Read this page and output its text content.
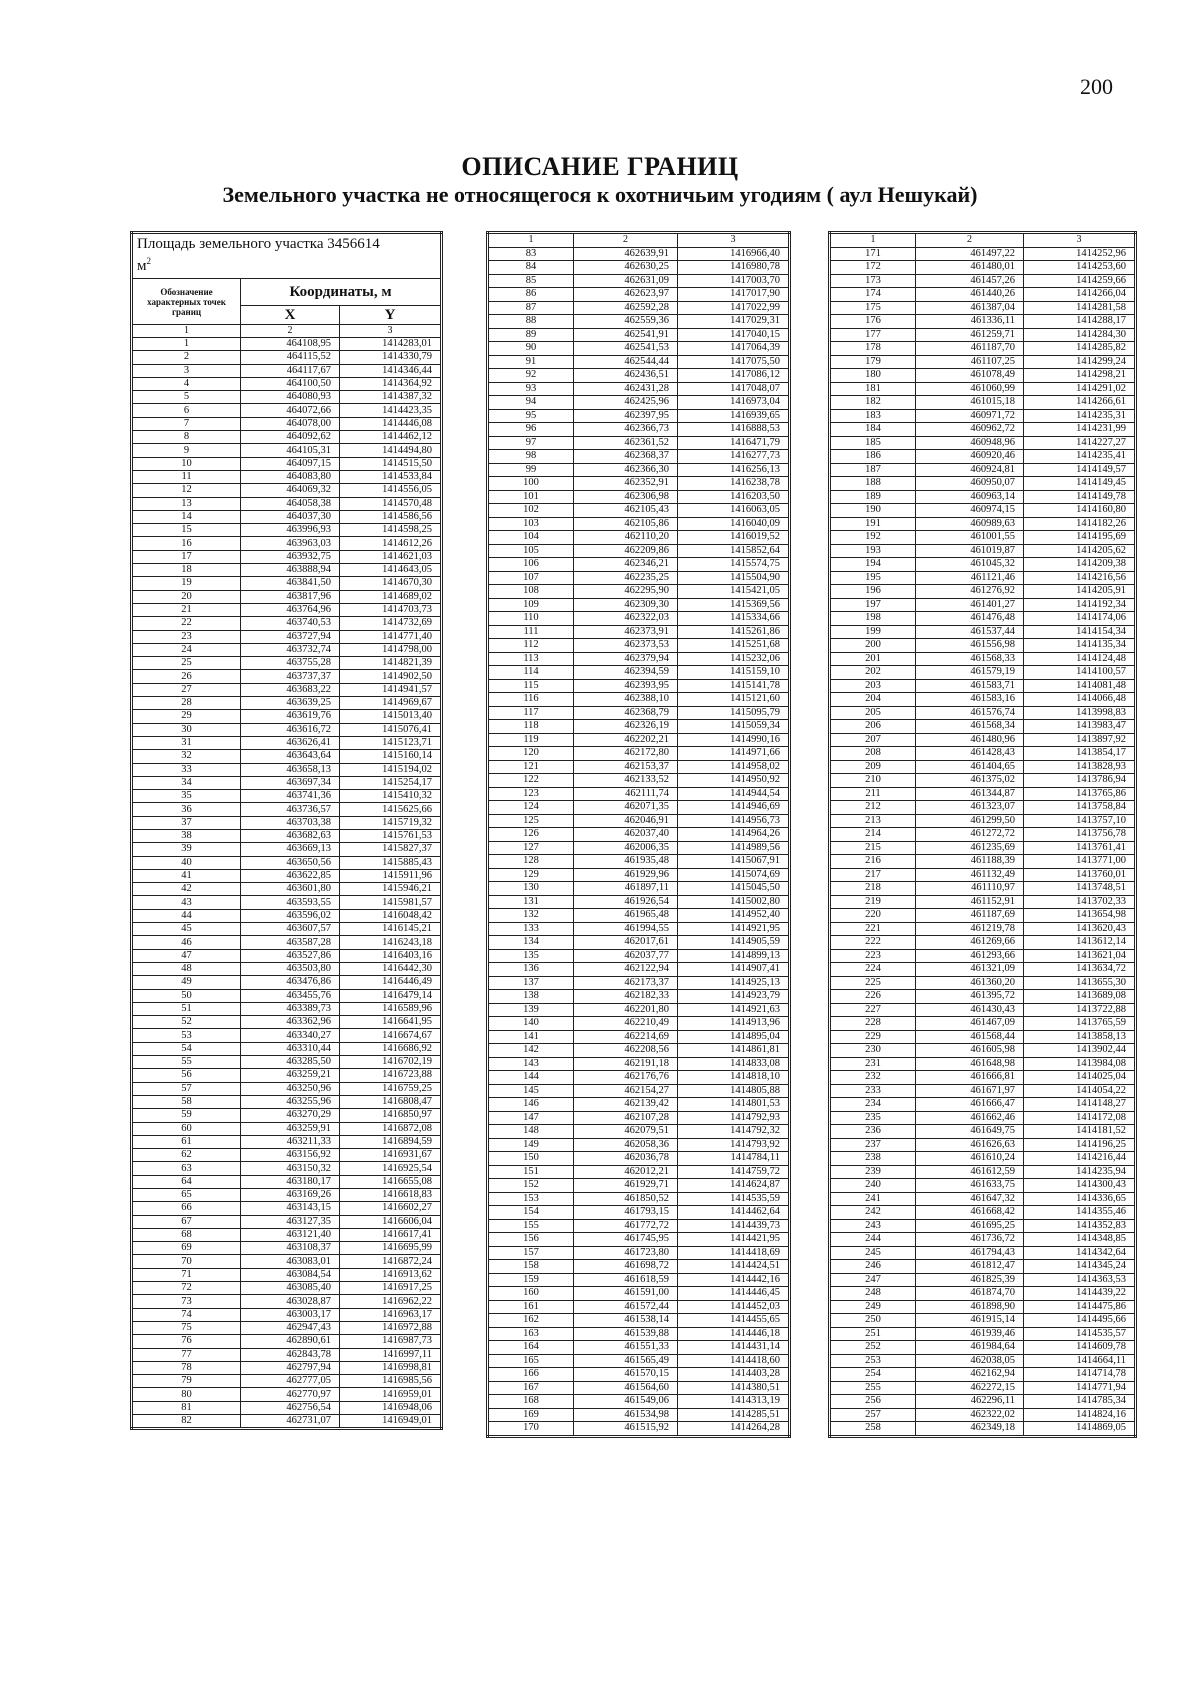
200
ОПИСАНИЕ ГРАНИЦ
Земельного участка не относящегося к охотничьим угодиям ( аул Нешукай)
Площадь земельного участка 3456614
$м^2$
Обозначение характерных точек границ	Координаты, м	
	X	Y
1	2	3
1	464108,95	1414283,01
2	464115,52	1414330,79
3	464117,67	1414346,44
4	464100,50	1414364,92
5	464080,93	1414387,32
6	464072,66	1414423,35
7	464078,00	1414446,08
8	464092,62	1414462,12
9	464105,31	1414494,80
10	464097,15	1414515,50
11	464083,80	1414533,84
12	464069,32	1414556,05
13	464058,38	1414570,48
14	464037,30	1414586,56
15	463996,93	1414598,25
16	463963,03	1414612,26
17	463932,75	1414621,03
18	463888,94	1414643,05
19	463841,50	1414670,30
20	463817,96	1414689,02
21	463764,96	1414703,73
22	463740,53	1414732,69
23	463727,94	1414771,40
24	463732,74	1414798,00
25	463755,28	1414821,39
26	463737,37	1414902,50
27	463683,22	1414941,57
28	463639,25	1414969,67
29	463619,76	1415013,40
30	463616,72	1415076,41
31	463626,41	1415123,71
32	463643,64	1415160,14
33	463658,13	1415194,02
34	463697,34	1415254,17
35	463741,36	1415410,32
36	463736,57	1415625,66
37	463703,38	1415719,32
38	463682,63	1415761,53
39	463669,13	1415827,37
40	463650,56	1415885,43
41	463622,85	1415911,96
42	463601,80	1415946,21
43	463593,55	1415981,57
44	463596,02	1416048,42
45	463607,57	1416145,21
46	463587,28	1416243,18
47	463527,86	1416403,16
48	463503,80	1416442,30
49	463476,86	1416446,49
50	463455,76	1416479,14
51	463389,73	1416589,96
52	463362,96	1416641,95
53	463340,27	1416674,67
54	463310,44	1416686,92
55	463285,50	1416702,19
56	463259,21	1416723,88
57	463250,96	1416759,25
58	463255,96	1416808,47
59	463270,29	1416850,97
60	463259,91	1416872,08
61	463211,33	1416894,59
62	463156,92	1416931,67
63	463150,32	1416925,54
64	463180,17	1416655,08
65	463169,26	1416618,83
66	463143,15	1416602,27
67	463127,35	1416606,04
68	463121,40	1416617,41
69	463108,37	1416695,99
70	463083,01	1416872,24
71	463084,54	1416913,62
72	463085,40	1416917,25
73	463028,87	1416962,22
74	463003,17	1416963,17
75	462947,43	1416972,88
76	462890,61	1416987,73
77	462843,78	1416997,11
78	462797,94	1416998,81
79	462777,05	1416985,56
80	462770,97	1416959,01
81	462756,54	1416948,06
82	462731,07	1416949,01
1	2	3
83	462639,91	1416966,40
84	462630,25	1416980,78
85	462631,09	1417003,70
86	462623,97	1417017,90
87	462592,28	1417022,99
88	462559,36	1417029,31
89	462541,91	1417040,15
90	462541,53	1417064,39
91	462544,44	1417075,50
92	462436,51	1417086,12
93	462431,28	1417048,07
94	462425,96	1416973,04
95	462397,95	1416939,65
96	462366,73	1416888,53
97	462361,52	1416471,79
98	462368,37	1416277,73
99	462366,30	1416256,13
100	462352,91	1416238,78
101	462306,98	1416203,50
102	462105,43	1416063,05
103	462105,86	1416040,09
104	462110,20	1416019,52
105	462209,86	1415852,64
106	462346,21	1415574,75
107	462235,25	1415504,90
108	462295,90	1415421,05
109	462309,30	1415369,56
110	462322,03	1415334,66
111	462373,91	1415261,86
112	462373,53	1415251,68
113	462379,94	1415232,06
114	462394,59	1415159,10
115	462393,95	1415141,78
116	462388,10	1415121,60
117	462368,79	1415095,79
118	462326,19	1415059,34
119	462202,21	1414990,16
120	462172,80	1414971,66
121	462153,37	1414958,02
122	462133,52	1414950,92
123	462111,74	1414944,54
124	462071,35	1414946,69
125	462046,91	1414956,73
126	462037,40	1414964,26
127	462006,35	1414989,56
128	461935,48	1415067,91
129	461929,96	1415074,69
130	461897,11	1415045,50
131	461926,54	1415002,80
132	461965,48	1414952,40
133	461994,55	1414921,95
134	462017,61	1414905,59
135	462037,77	1414899,13
136	462122,94	1414907,41
137	462173,37	1414925,13
138	462182,33	1414923,79
139	462201,80	1414921,63
140	462210,49	1414913,96
141	462214,69	1414895,04
142	462208,56	1414861,81
143	462191,18	1414833,08
144	462176,76	1414818,10
145	462154,27	1414805,88
146	462139,42	1414801,53
147	462107,28	1414792,93
148	462079,51	1414792,32
149	462058,36	1414793,92
150	462036,78	1414784,11
151	462012,21	1414759,72
152	461929,71	1414624,87
153	461850,52	1414535,59
154	461793,15	1414462,64
155	461772,72	1414439,73
156	461745,95	1414421,95
157	461723,80	1414418,69
158	461698,72	1414424,51
159	461618,59	1414442,16
160	461591,00	1414446,45
161	461572,44	1414452,03
162	461538,14	1414455,65
163	461539,88	1414446,18
164	461551,33	1414431,14
165	461565,49	1414418,60
166	461570,15	1414403,28
167	461564,60	1414380,51
168	461549,06	1414313,19
169	461534,98	1414285,51
170	461515,92	1414264,28
1	2	3
171	461497,22	1414252,96
172	461480,01	1414253,60
173	461457,26	1414259,66
174	461440,26	1414266,04
175	461387,04	1414281,58
176	461336,11	1414288,17
177	461259,71	1414284,30
178	461187,70	1414285,82
179	461107,25	1414299,24
180	461078,49	1414298,21
181	461060,99	1414291,02
182	461015,18	1414266,61
183	460971,72	1414235,31
184	460962,72	1414231,99
185	460948,96	1414227,27
186	460920,46	1414235,41
187	460924,81	1414149,57
188	460950,07	1414149,45
189	460963,14	1414149,78
190	460974,15	1414160,80
191	460989,63	1414182,26
192	461001,55	1414195,69
193	461019,87	1414205,62
194	461045,32	1414209,38
195	461121,46	1414216,56
196	461276,92	1414205,91
197	461401,27	1414192,34
198	461476,48	1414174,06
199	461537,44	1414154,34
200	461556,98	1414135,34
201	461568,33	1414124,48
202	461579,19	1414100,57
203	461583,71	1414081,48
204	461583,16	1414066,48
205	461576,74	1413998,83
206	461568,34	1413983,47
207	461480,96	1413897,92
208	461428,43	1413854,17
209	461404,65	1413828,93
210	461375,02	1413786,94
211	461344,87	1413765,86
212	461323,07	1413758,84
213	461299,50	1413757,10
214	461272,72	1413756,78
215	461235,69	1413761,41
216	461188,39	1413771,00
217	461132,49	1413760,01
218	461110,97	1413748,51
219	461152,91	1413702,33
220	461187,69	1413654,98
221	461219,78	1413620,43
222	461269,66	1413612,14
223	461293,66	1413621,04
224	461321,09	1413634,72
225	461360,20	1413655,30
226	461395,72	1413689,08
227	461430,43	1413722,88
228	461467,09	1413765,59
229	461568,44	1413858,13
230	461605,98	1413902,44
231	461648,98	1413984,08
232	461666,81	1414025,04
233	461671,97	1414054,22
234	461666,47	1414148,27
235	461662,46	1414172,08
236	461649,75	1414181,52
237	461626,63	1414196,25
238	461610,24	1414216,44
239	461612,59	1414235,94
240	461633,75	1414300,43
241	461647,32	1414336,65
242	461668,42	1414355,46
243	461695,25	1414352,83
244	461736,72	1414348,85
245	461794,43	1414342,64
246	461812,47	1414345,24
247	461825,39	1414363,53
248	461874,70	1414439,22
249	461898,90	1414475,86
250	461915,14	1414495,66
251	461939,46	1414535,57
252	461984,64	1414609,78
253	462038,05	1414664,11
254	462162,94	1414714,78
255	462272,15	1414771,94
256	462296,11	1414785,34
257	462322,02	1414824,16
258	462349,18	1414869,05
